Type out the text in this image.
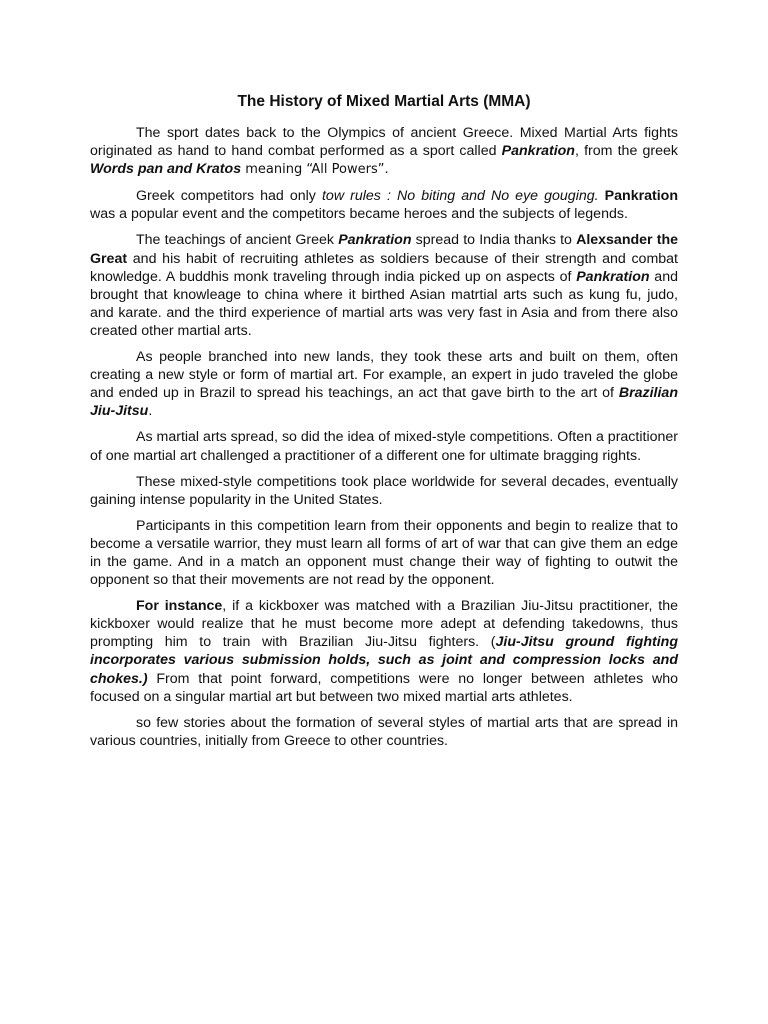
The History of Mixed Martial Arts (MMA)

The sport dates back to the Olympics of ancient Greece. Mixed Martial Arts fights originated as hand to hand combat performed as a sport called Pankration, from the greek Words pan and Kratos meaning “All Powers”.

Greek competitors had only tow rules : No biting and No eye gouging. Pankration was a popular event and the competitors became heroes and the subjects of legends.

The teachings of ancient Greek Pankration spread to India thanks to Alexsander the Great and his habit of recruiting athletes as soldiers because of their strength and combat knowledge. A buddhis monk traveling through india picked up on aspects of Pankration and brought that knowleage to china where it birthed Asian matrtial arts such as kung fu, judo, and karate. and the third experience of martial arts was very fast in Asia and from there also created other martial arts.

As people branched into new lands, they took these arts and built on them, often creating a new style or form of martial art. For example, an expert in judo traveled the globe and ended up in Brazil to spread his teachings, an act that gave birth to the art of Brazilian Jiu-Jitsu.

As martial arts spread, so did the idea of mixed-style competitions. Often a practitioner of one martial art challenged a practitioner of a different one for ultimate bragging rights.

These mixed-style competitions took place worldwide for several decades, eventually gaining intense popularity in the United States.

Participants in this competition learn from their opponents and begin to realize that to become a versatile warrior, they must learn all forms of art of war that can give them an edge in the game. And in a match an opponent must change their way of fighting to outwit the opponent so that their movements are not read by the opponent.

For instance, if a kickboxer was matched with a Brazilian Jiu-Jitsu practitioner, the kickboxer would realize that he must become more adept at defending takedowns, thus prompting him to train with Brazilian Jiu-Jitsu fighters. (Jiu-Jitsu ground fighting incorporates various submission holds, such as joint and compression locks and chokes.) From that point forward, competitions were no longer between athletes who focused on a singular martial art but between two mixed martial arts athletes.

so few stories about the formation of several styles of martial arts that are spread in various countries, initially from Greece to other countries.
